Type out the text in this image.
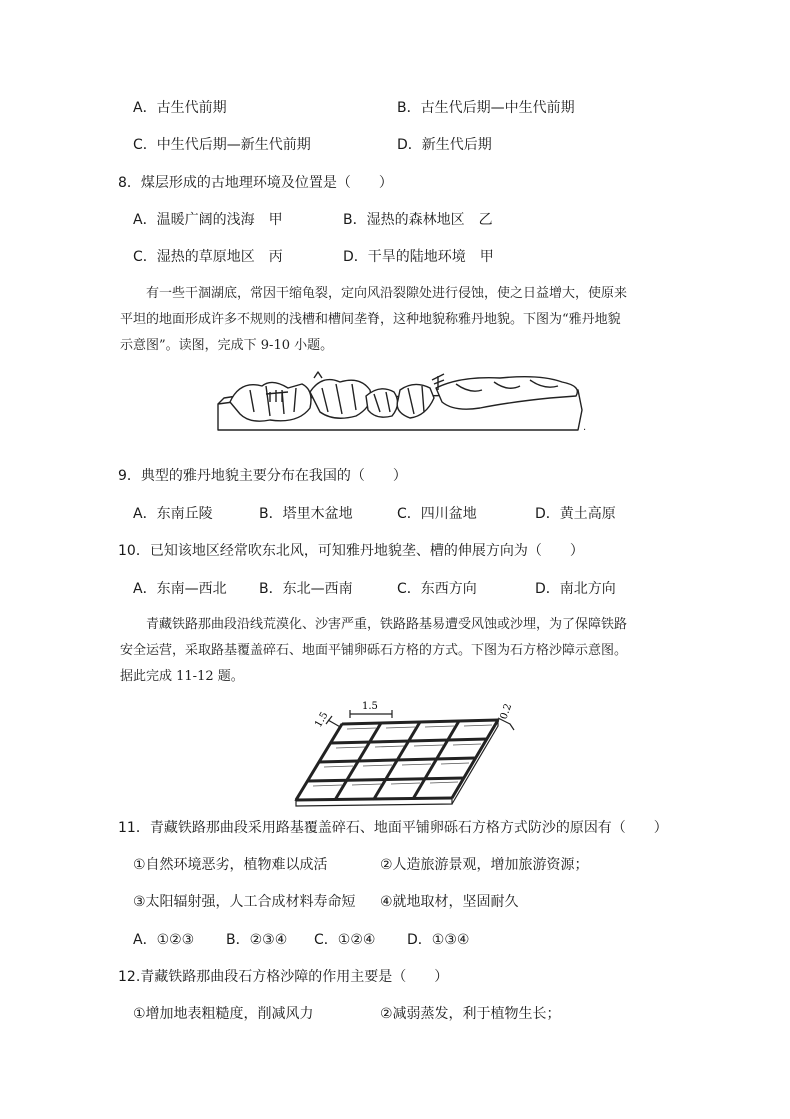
A．古生代前期	B．古生代后期—中生代前期
C．中生代后期—新生代前期	D．新生代后期
8．煤层形成的古地理环境及位置是（　　）
A．温暖广阔的浅海　甲	B．湿热的森林地区　乙
C．湿热的草原地区　丙	D．干旱的陆地环境　甲
有一些干涸湖底，常因干缩龟裂，定向风沿裂隙处进行侵蚀，使之日益增大，使原来
平坦的地面形成许多不规则的浅槽和槽间垄脊，这种地貌称雅丹地貌。下图为“雅丹地貌
示意图”。读图，完成下 9-10 小题。
.
9．典型的雅丹地貌主要分布在我国的（　　）
A．东南丘陵	B．塔里木盆地	C．四川盆地	D．黄土高原
10．已知该地区经常吹东北风，可知雅丹地貌垄、槽的伸展方向为（　　）
A．东南—西北 B．东北—西南	C．东西方向	D．南北方向
青藏铁路那曲段沿线荒漠化、沙害严重，铁路路基易遭受风蚀或沙埋，为了保障铁路
安全运营，采取路基覆盖碎石、地面平铺卵砾石方格的方式。下图为石方格沙障示意图。
据此完成 11-12 题。
1.5
1.5	0.2
11．青藏铁路那曲段采用路基覆盖碎石、地面平铺卵砾石方格方式防沙的原因有（　　）
①自然环境恶劣，植物难以成活	②人造旅游景观，增加旅游资源；
③太阳辐射强，人工合成材料寿命短 ④就地取材，坚固耐久
A．①②③ B．②③④ C．①②④ D．①③④
12.青藏铁路那曲段石方格沙障的作用主要是（　　）
①增加地表粗糙度，削减风力	②减弱蒸发，利于植物生长；
